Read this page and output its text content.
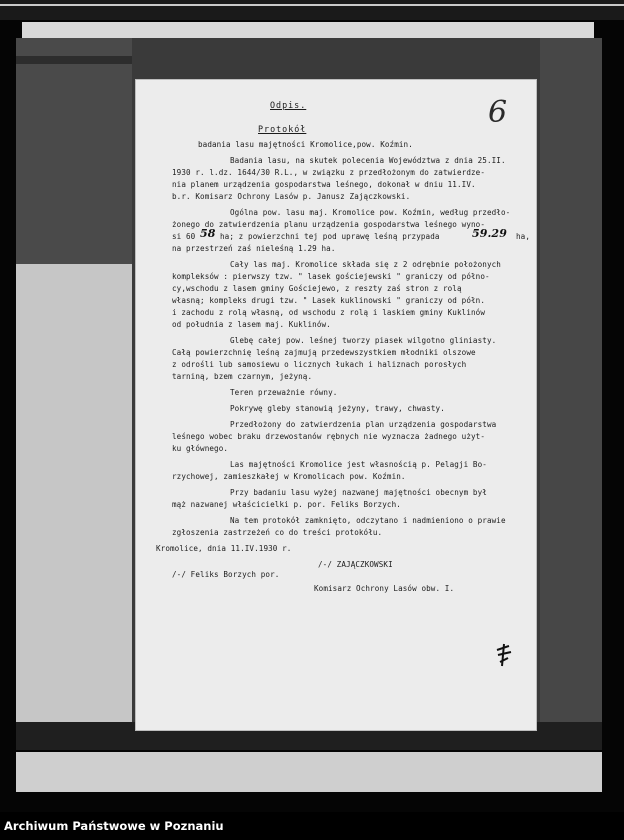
6
Odpis.
Protokół
badania lasu majętności Kromolice,pow. Koźmin.
Badania lasu, na skutek polecenia Województwa z dnia 25.II.
1930 r. l.dz. 1644/30 R.L., w związku z przedłożonym do zatwierdze-
nia planem urządzenia gospodarstwa leśnego, dokonał w dniu 11.IV.
b.r. Komisarz Ochrony Lasów p. Janusz Zajączkowski.
Ogólna pow. lasu maj. Kromolice pow. Koźmin, według przedło-
żonego do zatwierdzenia planu urządzenia gospodarstwa leśnego wyno-
si 60 58 ha; z powierzchni tej pod uprawę leśną przypada	59.29 ha,
na przestrzeń zaś nieleśną 1.29 ha.
Cały las maj. Kromolice składa się z 2 odrębnie położonych
kompleksów : pierwszy tzw. " lasek gościejewski " graniczy od półno-
cy,wschodu z lasem gminy Gościejewo, z reszty zaś stron z rolą
własną; kompleks drugi tzw. " Lasek kuklinowski " graniczy od półn.
i zachodu z rolą własną, od wschodu z rolą i laskiem gminy Kuklinów
od południa z lasem maj. Kuklinów.
Glebę całej pow. leśnej tworzy piasek wilgotno gliniasty.
Całą powierzchnię leśną zajmują przedewszystkiem młodniki olszowe
z odrośli lub samosiewu o licznych łukach i haliznach porosłych
tarniną, bzem czarnym, jeżyną.
Teren przeważnie równy.
Pokrywę gleby stanowią jeżyny, trawy, chwasty.
Przedłożony do zatwierdzenia plan urządzenia gospodarstwa
leśnego wobec braku drzewostanów rębnych nie wyznacza żadnego użyt-
ku głównego.
Las majętności Kromolice jest własnością p. Pelagji Bo-
rzychowej, zamieszkałej w Kromolicach pow. Koźmin.
Przy badaniu lasu wyżej nazwanej majętności obecnym był
mąż nazwanej właścicielki p. por. Feliks Borzych.
Na tem protokół zamknięto, odczytano i nadmieniono o prawie
zgłoszenia zastrzeżeń co do treści protokółu.
Kromolice, dnia 11.IV.1930 r.
/-/ ZAJĄCZKOWSKI
/-/ Feliks Borzych por.
Komisarz Ochrony Lasów obw. I.
Archiwum Państwowe w Poznaniu
